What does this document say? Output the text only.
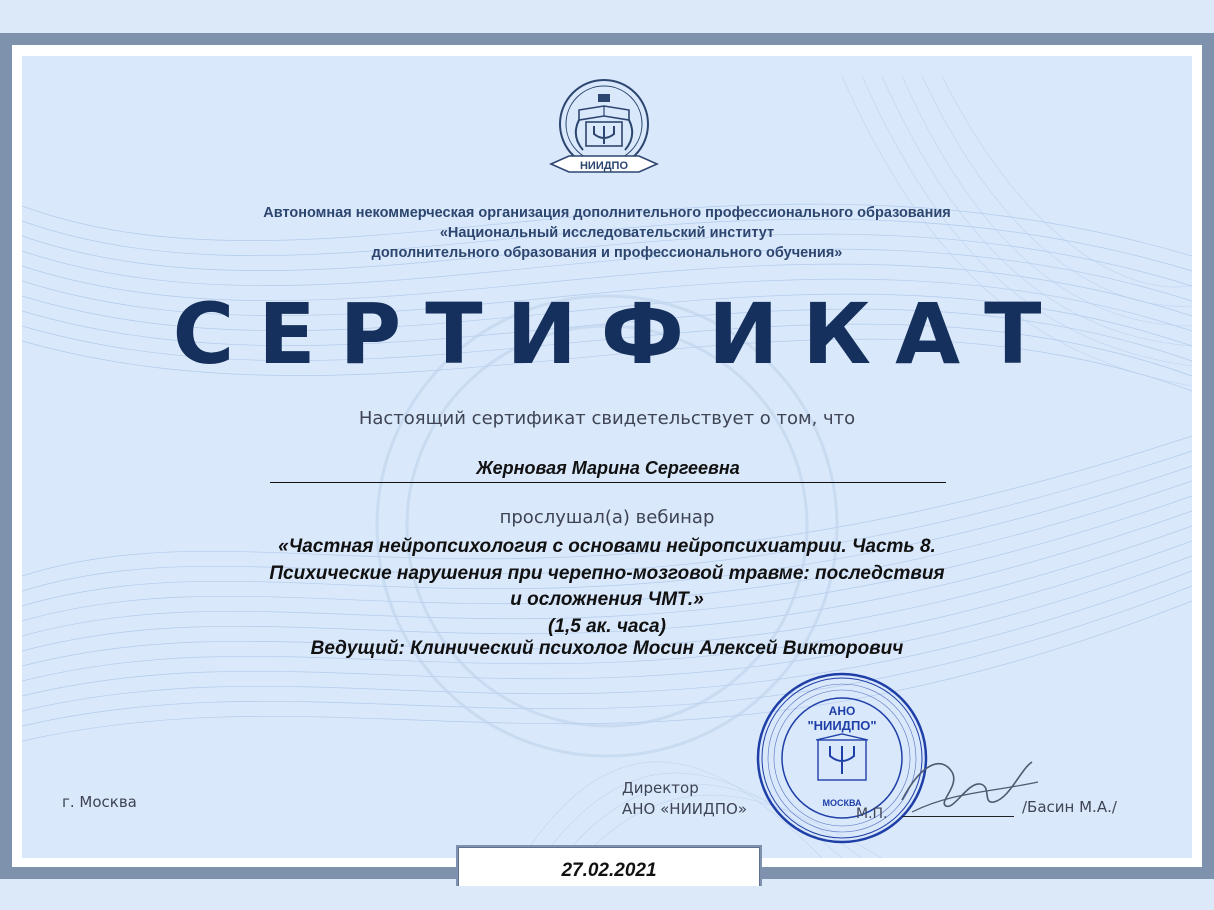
НИИДПО
Автономная некоммерческая организация дополнительного профессионального образования
«Национальный исследовательский институт
дополнительного образования и профессионального обучения»
СЕРТИФИКАТ
Настоящий сертификат свидетельствует о том, что
Жерновая Марина Сергеевна
прослушал(а) вебинар
«Частная нейропсихология с основами нейропсихиатрии. Часть 8.
Психические нарушения при черепно-мозговой травме: последствия
и осложнения ЧМТ.»
(1,5 ак. часа)
Ведущий: Клинический психолог Мосин Алексей Викторович
г. Москва
Директор
АНО «НИИДПО»
АНО
"НИИДПО"
МОСКВА
М.П.	/Басин М.А./
27.02.2021
